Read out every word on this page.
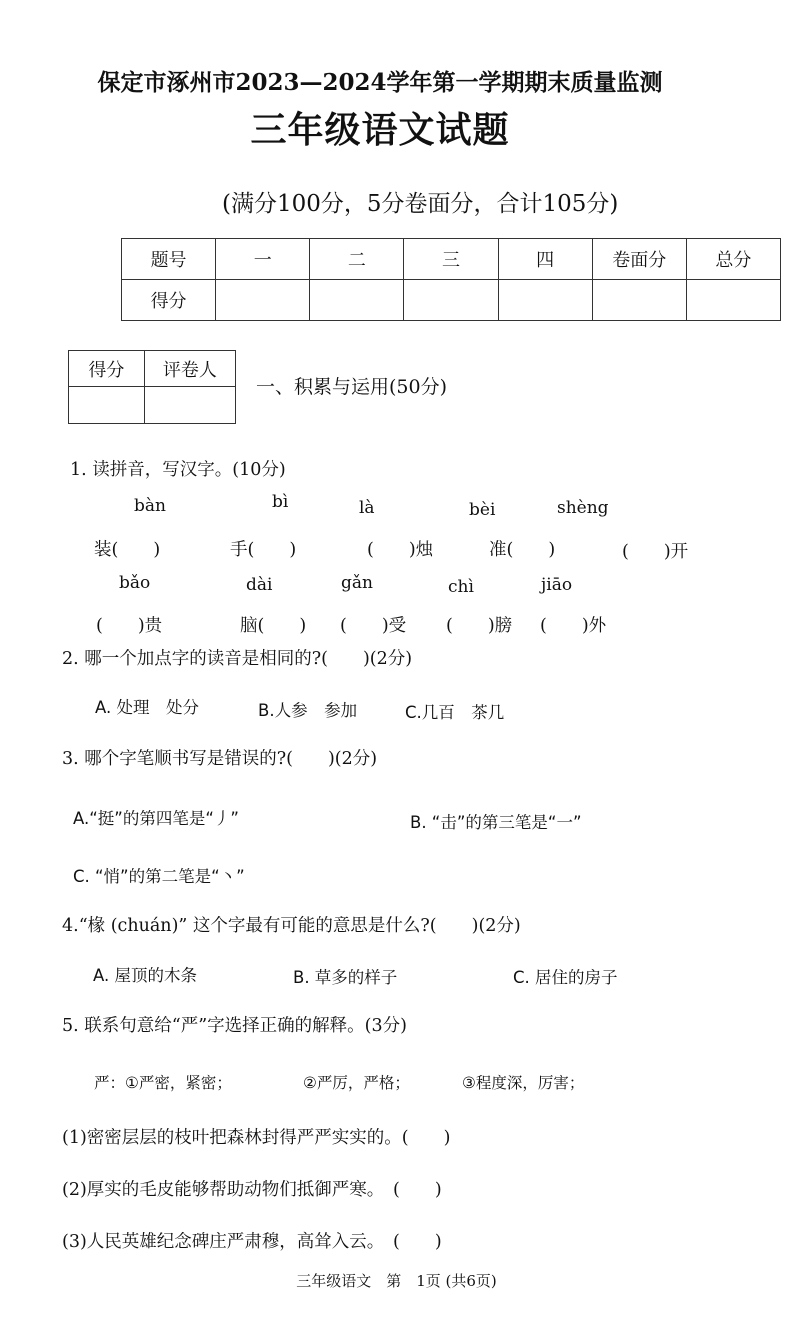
保定市涿州市2023—2024学年第一学期期末质量监测
三年级语文试题
(满分100分，5分卷面分，合计105分)
题号	一	二	三	四	卷面分	总分
得分						
得分	评卷人

一、积累与运用(50分)
1. 读拼音，写汉字。(10分)
bàn	bì	là	bèi	shèng
装(　　)	手(　　)	(　　)烛	准(　　)	(　　)开
bǎo	dài	gǎn	chì	jiāo
(　　)贵	脑(　　) (　　)受 (　　)膀 (　　)外
2. 哪一个加点字的读音是相同的?(　　)(2分)
A. 处理　处分	B.人参　参加	C.几百　茶几
3. 哪个字笔顺书写是错误的?(　　)(2分)
A.“挺”的第四笔是“丿”	B. “击”的第三笔是“一”
C. “悄”的第二笔是“丶”
4.“椽 (chuán)” 这个字最有可能的意思是什么?(　　)(2分)
A. 屋顶的木条	B. 草多的样子	C. 居住的房子
5. 联系句意给“严”字选择正确的解释。(3分)
严：①严密，紧密；	②严厉，严格；	③程度深，厉害；
(1)密密层层的枝叶把森林封得严严实实的。(　　)
(2)厚实的毛皮能够帮助动物们抵御严寒。　(　　)
(3)人民英雄纪念碑庄严肃穆，高耸入云。　(　　)
三年级语文　第　1页 (共6页)
